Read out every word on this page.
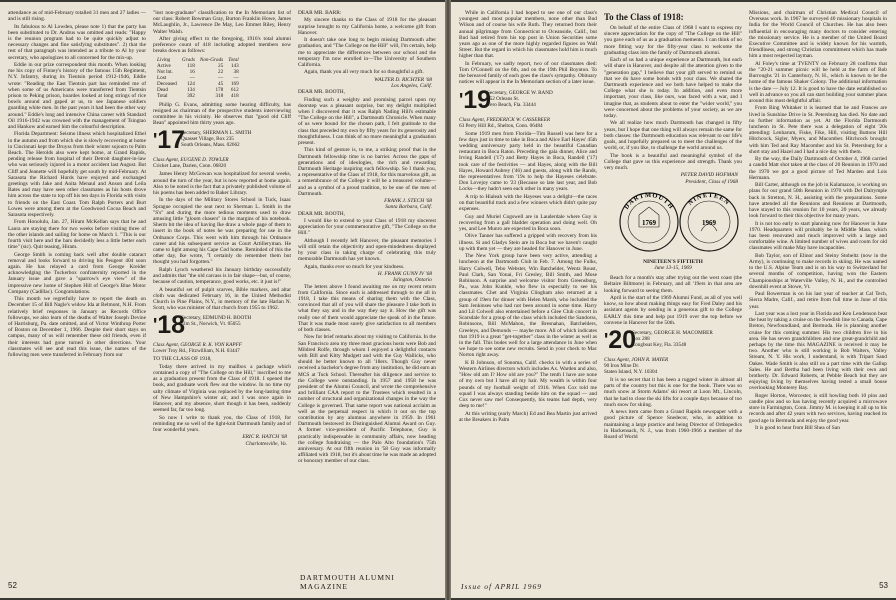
attendance as of mid-February totalled 31 men and 27 ladies — and is still rising.

Its fabulous to Al Lowden, please note 1) that the party has been substituted to Dr. Andrus was omitted and reads: "Happy is the reunion program had to be quite quickly adjust to necessary changes and fine satisfying substitutes". 2) that the rest of that paragraph was intended as a tribute to Al by your secretary, who apologizes to all concerned for the mix-up.

Eddie in our prize correspondent this month. When looking me his copy of Finney's history of the famous 15th Regiment, N.Y. Infantry, during its Tientsin period 1912-1946, Eddie wrote: "Reading the East Tientsin part has reminded me of when some of us Americans were transferred from Tientsin prison to Peking prison, hoardes looked at long strings of rice bowls around and gaped at us, to see Japanese soldiers guarding white men. In the past years it had been the other way around." Eddie's long and intensive China career with Standard Oil 1916-1942 was crowned with the management of Tsingtao and Hankow and earned him the colourful description.

Florida Department: Seismo illness which hospitalized Ethel in the autumn and from which she is slowly recovering at home in Cincinnati kept the Druyss from their winter sojourn to Palm Beach. The Herolds also were kept home, at Grand Rapids, pending release from hospital of their Detroit daughter-in-law who was seriously injured in a motor accident last August. But Cliff and Jeanette will hopefully get south by mid-February. At Sarasota the Richard Hurds have enjoyed and exchanged greetings with Jake and Anita Menaul and Anson and Leila Bates and may have seen other classmates as his hosts drove him across the state to top off his ten days in Florida with visits to friends on the East Coast. Tom Ralph Porters and Burt Lowes were among them at the Goodwood Cocoa Beach and Sarasota respectively.

From Honolulu, Jan. 27, Hiram McKellan says that he and Laura are staying there for two weeks before visiting three of the other islands and sailing for home on March 1. "This is our fourth visit here and the bars decidedly less a little better each time" (sic). Quit teasing, Hiram.

George Smith is coming back well after double cataract removal and looks forward to driving his Peugeot 404 soon again. He has relayed a card from George Kreider acknowledging the Tuckerbox confraternity reported in the January issue and gave a "sparrow's eye view" of the impressive new home of Stephen Hill of George's Blue Motor Company (Cadillac). Congratulations.

This month we regretfully have to report the death on December 15 of Bill Nagle's widow Ida at Belmont, N.H. From relatively brief responses in January as Records Office followups, we also learn of the deaths of Walter Joseph Devine of Harrisburg, Pa. date omitted, and of Victor Winthrop Porter of Boston on December 1, 1966. Despite their short stays on campus, many of us will remember these old friends, even if their interests had gone turned in other directions. Your classmates will see and read this issue, the names of the following men were transferred in February from our

"lost non-graduate" classification to the In Memoriam list of our class: Robert Bowman Gray, Burton Franklin Howe, James McLaughlin, Jr., Lawrence De May, Leo Emmet Riley, Henry Walter Walsh.

After giving effect to the foregoing, 1916's total alumni preference count of 418 including adopted members now breaks down as follows:

Living	Grads	Non-Grads	Total
Active	118	25	143
Not lnt.	16	22	38
Lost	—	—	—

Deceased	124	45	169
Dead	134	178	612
Total	392	318	418

Philip G. Evans, admitting some hearing difficulty, has resigned as chairman of the prospective students interviewing committee in his vicinity. He observes that "good old Cliff Bean" appointed him thirty years ago.

'17
Secretary, SHERMAN L. SMITH
Quasset Village, Box 235
South Orleans, Mass. 02662
Class Agent, EUGENE D. TOWLER
Cricket Lane, Darien, Conn. 06820

James Henry McGowan was hospitalized for several weeks, around the turn of the year, but is now reported at home again. Also to be noted is the fact that a privately published volume of his poems has been added to Baker Library.

In the days of the Military Stores School in Tuck, Isaac Sprague occupied the seat next to Sherman L. Smith in the "S's" and during the more tedious moments used to draw amusing little "gloom chasers" in the margins of his notebook. Sherm bit the idea of having Ike draw a whole page of them to insert in the book of notes he was preparing for use in the Ordnance Corps. This went with him through his Ordnance career and his subsequent service as Court Artilleryman. He came to light among his Cape Cod home. Reminded of this the other day, Ike wrote, "I certainly do remember them but thought you had forgotten."

Ralph Lynch weathered his January birthday successfully and admits that "the old carcass is in fair shape—but, of course, because of caution, temperance, good works, etc. it just is!"

A beautiful set of pulpit scarves, Bible markers, and altar cloth was dedicated February 16, in the United Methodist Church in Pine Plains, N.Y., in memory of the late Harlan N. Scott, who was minister of that church from 1955 to 1962.

'18
Secretary, EDMUND H. BOOTH
Elm St., Norwich, Vt. 05055
Class Agent, GEORGE R. K. VON KAPFF
Lower Troy Rd., Fitzwilliam, N.H. 03447

TO THE CLASS OF 1918,

Today there arrived in my mailbox a package which contained a copy of "The College on the Hill," inscribed to me as a graduation present from the Class of 1918. I opened the book, and graduate work flew out the window. In no time my salty climate of Virginia was replaced by the long-lasting time of New Hampshire's winter air, and I was once again in Hanover, and my absence, short though it has been, suddenly seemed far, far too long.

So now I write to thank you, the Class of 1918, for reminding me so well of the light-knit Dartmouth family and of four wonderful years.

ERIC R. HATCH '68
Charlottesville, Va.

DEAR MR. BARR:

My sincere thanks to the Class of 1918 for the pleasant surprise brought to my California home, a welcome gift from Hanover.

It doesn't take one long to begin missing Dartmouth after graduation, and "The College on the Hill" will, I'm certain, help me to appreciate the differences between our school and the temporary I'm now enrolled in—The University of Southern California.

Again, thank you all very much for so thoughtful a gift.

WALTER D. RICHTER '68
Los Angeles, Calif.

DEAR MR. BOOTH,

Finding such a weighty and promising parcel upon my doorstep was a pleasant surprise, but my delight multiplied when I discovered that it was Ralph Nading Hill's estimable "The College on the Hill", a Dartmouth Chronicle. When many of us were bound for the chosen path, I felt gratitude to the class that preceded my own by fifty years for its generosity and thoughtfulness. I can think of no more meaningful a graduation present.

This kind of gesture is, to me, a striking proof that in the Dartmouth fellowship time is no barrier. Across the gaps of generations and of ideologies, the rich and rewarding Dartmouth Heritage inspiring such fellowship. So I thank you, a representative of the Class of 1918, for this marvelous gift, as a remembrance of the College it will be a treasured volume—and as a symbol of a proud tradition, to be one of the men of Dartmouth.

FRANK J. STECH '68
Santa Barbara, Calif.

DEAR MR. BOOTH,

I would like to extend to your Class of 1918 my sincerest appreciation for your commemorative gift, "The College on the Hill."

Although I recently left Hanover, the pleasant memories I will still retain the objectivity and open-mindedness displayed by your class in taking charge of celebrating this truly memorable Dartmouth has yet known.

Again, thanks ever so much for your kindness.

H. FRANK GUNN IV '68
Islington, Ontario

The letters above I found awaiting me on my recent return from California. Since each is addressed through to me all in 1918, I take this means of sharing them with the Class, convinced that all of you will share the pleasure I take both in what they say and in the way they say it. How the gift was really one of them would appreciate the speak of in the future. That it was made most surely give satisfaction to all members of both classes.

Now for brief remarks about my visiting to California. In the San Francisco area my three most gracious hosts were Bob and Mildred Rolfe, through whom I enjoyed a delightful contacts with Bill and Kitty Mudgett and with the Guy Wallicks, who should be better known to all '18ers. Though Guy never received a bachelor's degree from any institution, he did earn an MCS at Tuck School. Thereafter his diligence and service to the College were outstanding. In 1957 and 1958 he was president of the Alumni Council, and wrote the comprehensive and brilliant CAA report to the Trustees which resulted in a number of structural and organizational changes in the way the College is governed. That same report was national acclaim as well as the perpetual respect in which it out on the top contribution by any alumnus anywhere in 1959. In 1961 Dartmouth bestowed its Distinguished Alumni Award on Guy. A former vice-president of Pacific Telephone, Guy is practically indispensable in community affairs, now heading the college fundraising — the Palo Alto foundation's 75th anniversary. At our fifth reunion in '58 Guy was informally affiliated with 1918, but it's about time he was made an adopted or honorary member of our class.

52
DARTMOUTH ALUMNI MAGAZINE

While in California I had hoped to see one of our class's youngest and most popular members, none other than Bud Wilson and of course his wife Ruth. They returned from their annual pilgrimage from Connecticut to Oceanside, Calif., but Bud had retired from his top post in Union Securities some years ago as one of the more highly regarded figures on Wall Street. But the regard in which his classmates hold him is much higher than that.

In February, we sadly report, two of our classmates died: Tom O'Connell on the 6th, and on the 19th Phil Boynton. To the bereaved family of each goes the class's sympathy. Obituary notices will appear in the In Memoriam section of a later issue.

'19
Secretary, GEORGE W. RAND
552 Orleans St.
Vero Beach, Fla. 33444
Class Agent, FREDERICK W. CASSEBEER
63 Perry Hill Rd., Shelton, Conn. 06484

Some 1919 men from Florida—Tim Russell was here for a few days just in time to take in Boca and Alice Earl Hayes' 45th wedding anniversary party held in the beautiful Canadian restaurant in Boca Raton. Preceding the gala dinner, Alice and Irving Randell ('17) and Betty Hayes in Boca, Randell ('17) took care of the festivities — and Hayes, along with the Bill Hayes, Howard Aubrey ('46) and guests, along with the Rands, the representatives from '19s to help the Hayeses celebrate. Don Lovejoy came to '23 (Because so late last year, and Bob Locks—they hadn't seen each other in many years.

A trip to Hialeah with the Hayeses was a delight—the races on that beautiful track and a few winners which didn't quite pay expenses.

Guy and Muriel Cogswell are in Lauderdale where Guy is recovering from a gall bladder operation and doing well. Oh yes, and Lee Munro are expected in Boca soon.

Olive Tanner has suffered a gripped with recovery from his illness. Si and Gladys Stein are in Boca but we haven't caught up with them yet — they are headed for Hanover in June.

The New York group have been very active, attending a luncheon at the Dartmouth Club in Feb. 7. Among the Fulks, Harry Colwell, Tebo Webster, Win Batchelder, Wentz Roust, Paul Clark, San Yonai, Fri Gresley, Bill Smith, and Mose Robinson. A surprise and welcome visitor from Greensburg, Pa., was John Kunkle, who flew in especially to see his classmates. Chet and Virginia Clingham also returned at a group of 19ers for dinner with Helen Marsh, who included the Sam Jenkinses who had not been around in some time. Harry and Lil Colwell also entertained before a Glee Club concert in Scarsdale for a group of the class which included the Sandorss, Robinsons, Bill McMahon, the Bresnahan, Batchelders, Greeleys, and Demonds — maybe more. All of which indicates that 1919 is a great "get-together" class in the winter as well as in the fall. This bodes well for a large attendance in June when we hope to see some new recruits. Send in your check to Mac Norton right away.

K B Johnson, of Sonoma, Calif. checks in with a series of Western Airlines directors which includes Ax. Warden and also, "How old am I? How old are you?" The tenth I have are none of my own but I have all my hair. My wealth is within four pounds of my football weight of 1916. When Cox told me squad I was always standing beside him on the squad — and Cox never saw me! Consequently, his teams had depth, very deep to me!"

At this writing (early March) Ed and Bea Martin just arrived at the Breakers in Palm

To the Class of 1918:

On behalf of the entire Class of 1968 I want to express my sincere appreciation for the copy of "The College on the Hill" you gave each of us as a graduation memento. I can think of no more fitting way for the fifty-year class to welcome the graduating class into the family of Dartmouth alumni.

Each of us had a unique experience at Dartmouth, but each will share in Hanover, and despite all the attention given to the "generation gap," I believe that your gift served to remind us that we do have some bonds with your class. We shared the Dartmouth experience and we both have helped to make the College what she is today. In addition, and even more important, your class, like ours, was faced with a war, and I imagine that, as students about to enter the "wider world," you were concerned about the problems of your society, as we are today.

We all realize how much Dartmouth has changed in fifty years, but I hope that one thing will always remain the same for both classes: the Dartmouth education was relevant to our life's goals, and hopefully prepared us to meet the challenges of the world, or, if you like, to challenge the world around us.

The book is a beautiful and meaningful symbol of the College that gave us this experience and strength. Thank you very much.

PETER DAVID HOFMAN
President, Class of 1968
DARTMOUTH NINETEEN
1769	1969
NINETEEN'S FIFTIETH
June 13-15, 1969

Beach for a month's stay after trying out the west coast (the Beltaire Biltmore) in February, and all '19ers in that area are looking forward to seeing them.

April is the start of the 1969 Alumni Fund, as all of you well know, so how about making things easy for Fred Daley and his assistant agents by sending in a generous gift to the College EARLY this time and help put 1919 over the top before we convene in Hanover for the 50th.

'20
Secretary, GEORGE H. MACOMBER
Box 288
Longboat Key, Fla. 33548
Class Agent, JOHN R. MAYER
90 Iron Mine Dr.
Staten Island, N.Y. 10304

It is no secret that it has been a rugged winter in almost all parts of the country but this is one for the book. There was so much snow at Storm Adams' ski resort at Loon Mt., Lincoln, that he had to close the ski lifts for a couple days because of too much snow for skiing.

A news item came from a Grand Rapids newspaper with a good picture of Spence Snedecor, who, in addition to maintaining a large practice and being Director of Orthopedics in Hackensack, N. J., was from 1960-1966 a member of the Board of World

Missions, and chairman of Christian Medical Council of Overseas work. In 1967 he surveyed 40 missionary hospitals in India for the World Council of Churches. He has also been influential in encouraging many doctors to consider entering the missionary service. He is a member of the United Board Executive Committee and is widely known for his warmth, friendliness, and strong Christian commitment which has made him a most respected layman.

Al Foley's time at TVENTY on February 28 confirms that the "20-21 summer picnic will be held at the farm of Bob Burroughs '21 in Canterbury, N. H., which is known to be the home of the famous Shaker Colony. The additional information is the date — July 12. It is good to have the date established so well in advance so you all can start building your summer plans around this most delightful affair.

From Bing Whitaker it is learned that he and Frances are lived in Sunshine Drive in St. Petersburg has died. No date and no further information as yet. At the Florida Dartmouth luncheon in St. Pete there was a delegation of eight '20s attending: Lenharum, Fiske, Fike, Hill, visiting Buttons Hill Hitchcock, Sigler, Myers, and Macomber. Hitchcock brought with him Ted and Ray Macomber and his St. Petersburg for a short stay and Hazel and I had a nice day with them.

By the way, the Daily Dartmouth of October 4, 1968 carried a candid Matt shot taken at the class of 20 Reunion in 1970 and the 1970 we got a good picture of Ted Marden and Lois Hermann.

Bill Carter, although on the job in Kalamazoo, is working on plans for our grand 50th Reunion in 1970 with Del Dalrymple back in Stretton, N. H., assisting with the preparations. Some have attended all the Reunions and Reunions at Dartmouth, have stayed to this reunion for 10 years, 20 years, we already look forward to their this objective for many years.

It is not too early to start planning now for Hanover in June 1970. Headquarters will probably be in Middle Mass. which has been renovated and much improved with a large and comfortable wine. A limited number of wives and room for old classmates will make May have incapacities.

Bob Taylor, son of Elinor and Steiny Stobeltz (now in the Army), is continuing to make records in skiing. He was named to the U.S. Alpine Team and is on his way to Switzerland for several months of competition, having won the Eastern Championships at Waterville Valley, N. H., and the controlled downhill event at Stowe, Vt.

Paul Bowerman is on his last year of teacher at Cal Tech, Sierra Madre, Calif., and retire from full time in June of this year.

Last year was a lost year in Florida and Ken Lendenson beat the heat by taking a cruise on the Swedish line to Canada, Cape Breton, Newfoundland, and Bermuda. He is planning another cruise for this coming summer. His two children live in his area. He has seven grandchildren and one great-grandchild and perhaps by the time this MAGAZINE is received it may be two. Another who is still working is Bob Walters, Valley Stream, N. Y. His work, I understand, is with Tripart Sand Oakes. Wade Smith is also still on a part time with the Gallup Sales. He and Bertha had been living with their own and brotherly. Dr. Edward Roberts, at Pebble Beach but they are enjoying living by themselves having tested a small house overlooking Monterey Bay.

Roger Horton, Worcester, is still howling both 10 pins and candle pins and so has having recently acquired a microwave store in Farmington, Conn. Jimmy M. is keeping it all up to his records and after 42 years with two services, having reached its good age in Bermuda and enjoy the good year.

It is good to hear from Bill Shea of San

Issue of APRIL 1969	53
